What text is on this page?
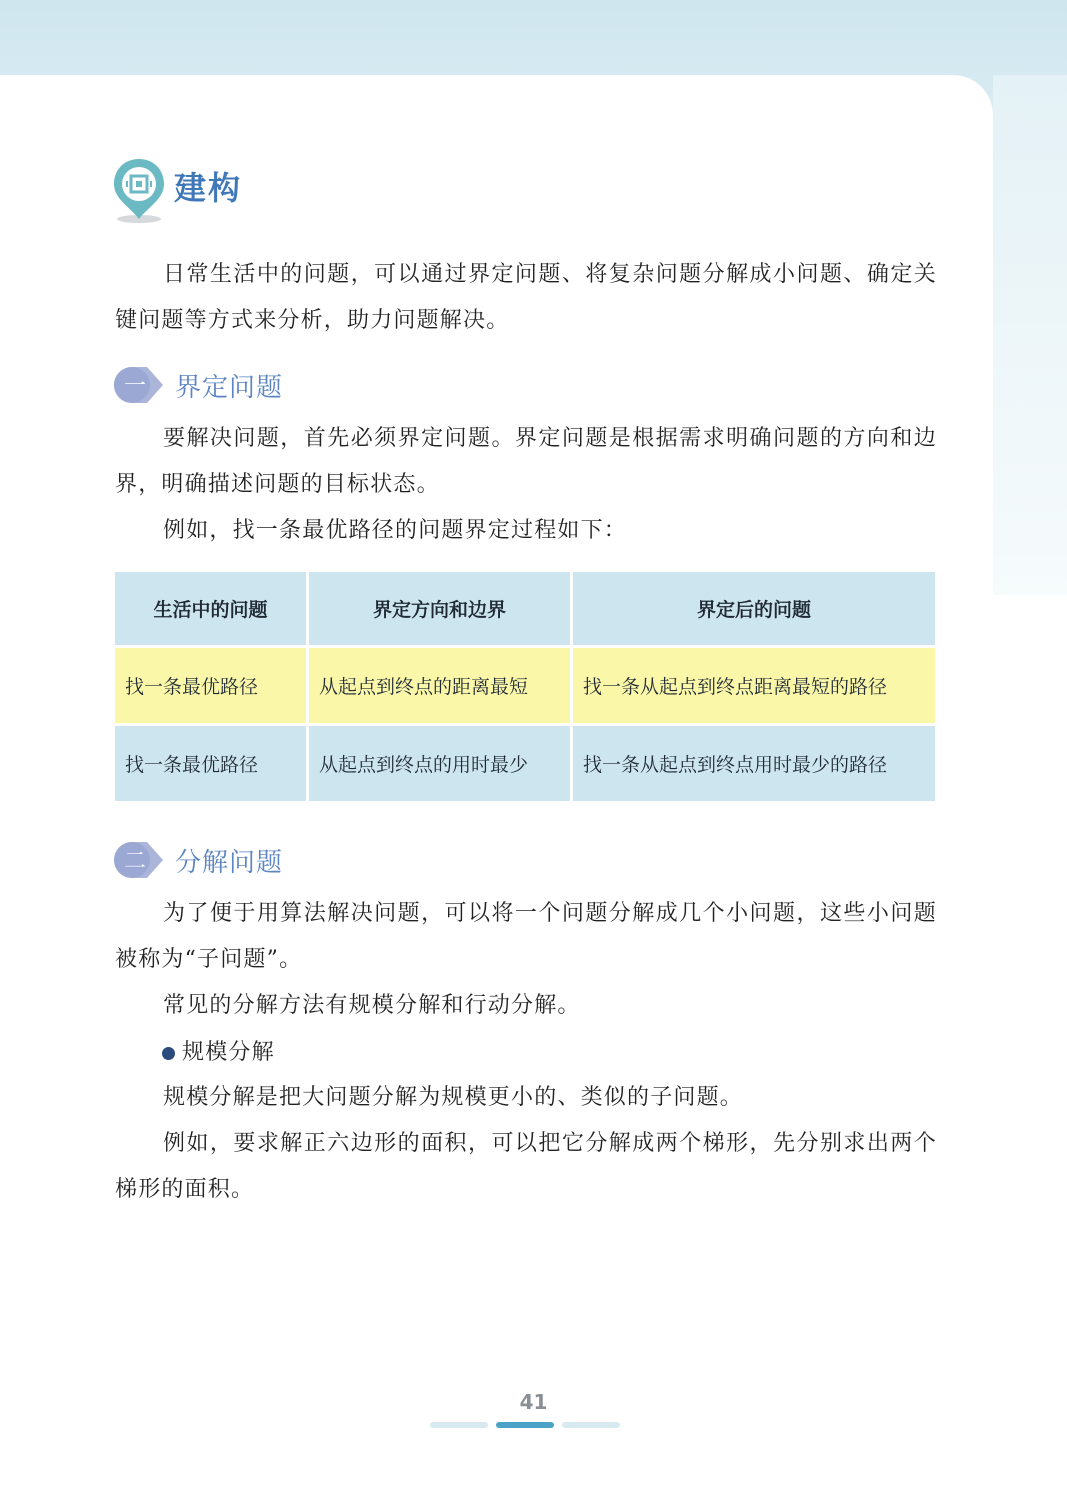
建构
日常生活中的问题，可以通过界定问题、将复杂问题分解成小问题、确定关键问题等方式来分析，助力问题解决。
一 界定问题
要解决问题，首先必须界定问题。界定问题是根据需求明确问题的方向和边界，明确描述问题的目标状态。
例如，找一条最优路径的问题界定过程如下：
生活中的问题	界定方向和边界	界定后的问题
找一条最优路径	从起点到终点的距离最短	找一条从起点到终点距离最短的路径
找一条最优路径	从起点到终点的用时最少	找一条从起点到终点用时最少的路径
二 分解问题
为了便于用算法解决问题，可以将一个问题分解成几个小问题，这些小问题被称为“子问题”。
常见的分解方法有规模分解和行动分解。
规模分解
规模分解是把大问题分解为规模更小的、类似的子问题。
例如，要求解正六边形的面积，可以把它分解成两个梯形，先分别求出两个梯形的面积。
41
